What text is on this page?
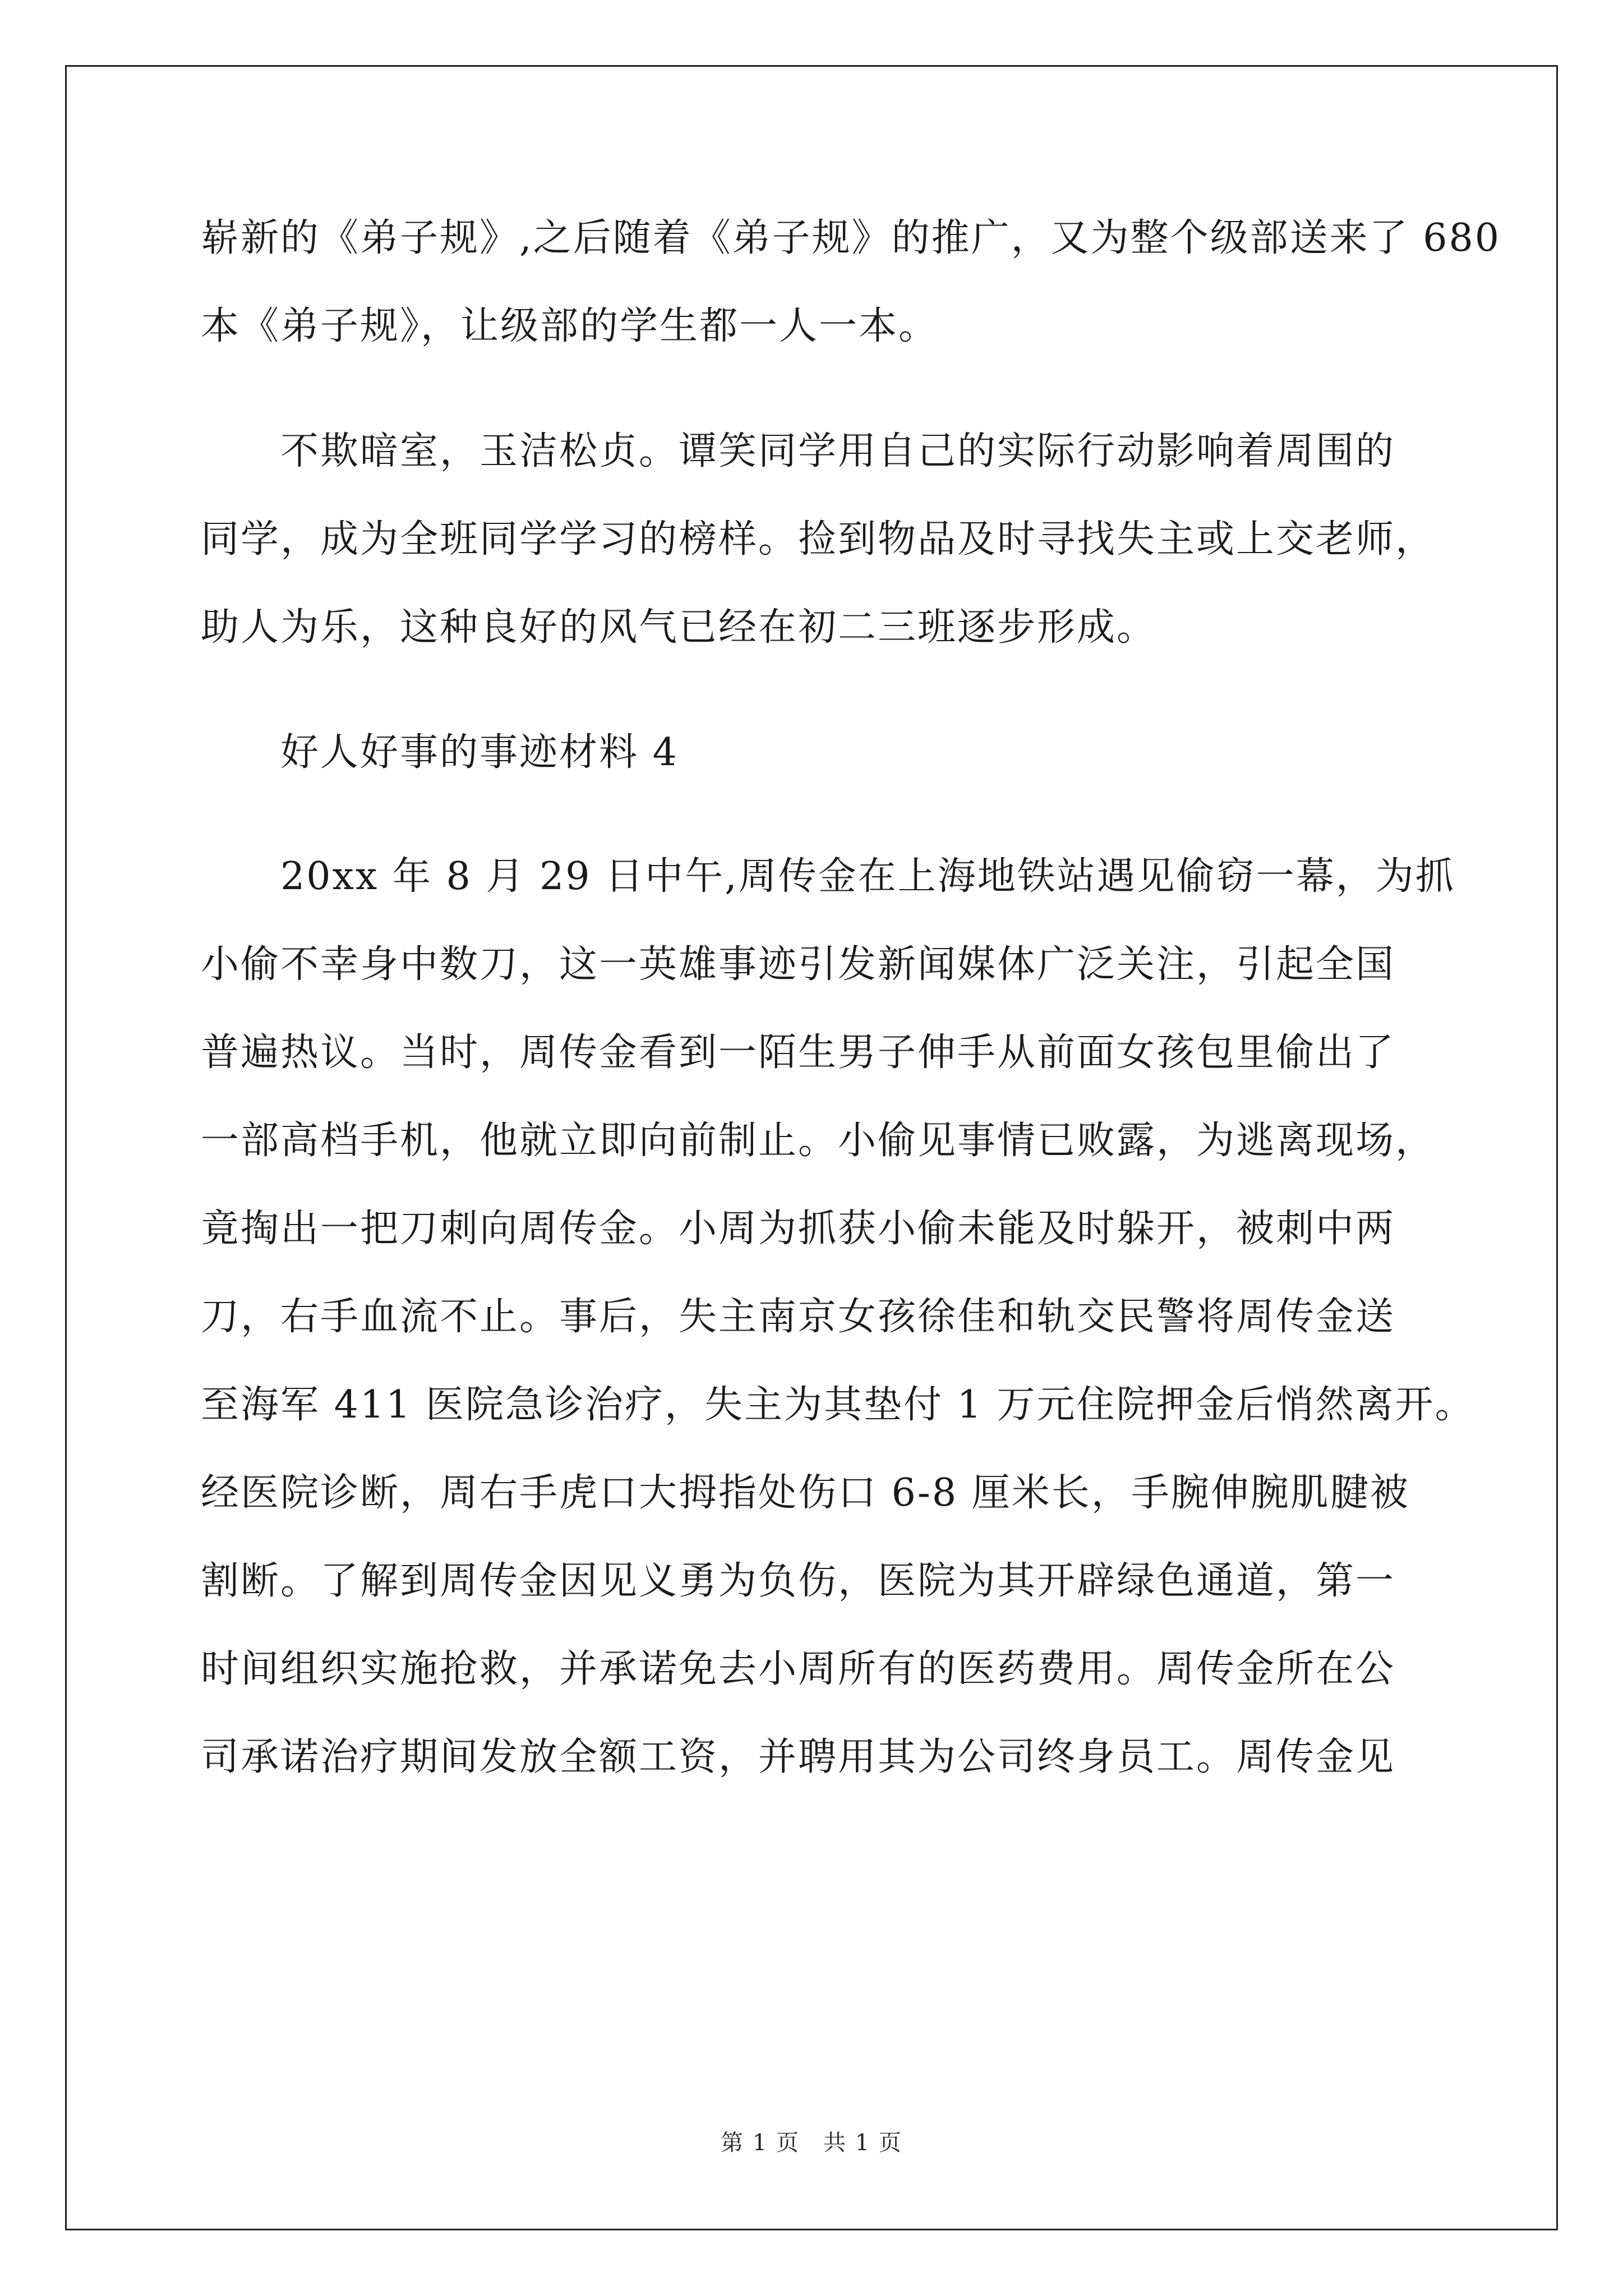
崭新的《弟子规》,之后随着《弟子规》的推广，又为整个级部送来了 680
本《弟子规》，让级部的学生都一人一本。
不欺暗室，玉洁松贞。谭笑同学用自己的实际行动影响着周围的
同学，成为全班同学学习的榜样。捡到物品及时寻找失主或上交老师，
助人为乐，这种良好的风气已经在初二三班逐步形成。
好人好事的事迹材料 4
20xx 年 8 月 29 日中午,周传金在上海地铁站遇见偷窃一幕，为抓
小偷不幸身中数刀，这一英雄事迹引发新闻媒体广泛关注，引起全国
普遍热议。当时，周传金看到一陌生男子伸手从前面女孩包里偷出了
一部高档手机，他就立即向前制止。小偷见事情已败露，为逃离现场，
竟掏出一把刀刺向周传金。小周为抓获小偷未能及时躲开，被刺中两
刀，右手血流不止。事后，失主南京女孩徐佳和轨交民警将周传金送
至海军 411 医院急诊治疗，失主为其垫付 1 万元住院押金后悄然离开。
经医院诊断，周右手虎口大拇指处伤口 6-8 厘米长，手腕伸腕肌腱被
割断。了解到周传金因见义勇为负伤，医院为其开辟绿色通道，第一
时间组织实施抢救，并承诺免去小周所有的医药费用。周传金所在公
司承诺治疗期间发放全额工资，并聘用其为公司终身员工。周传金见
第 1 页　共 1 页
